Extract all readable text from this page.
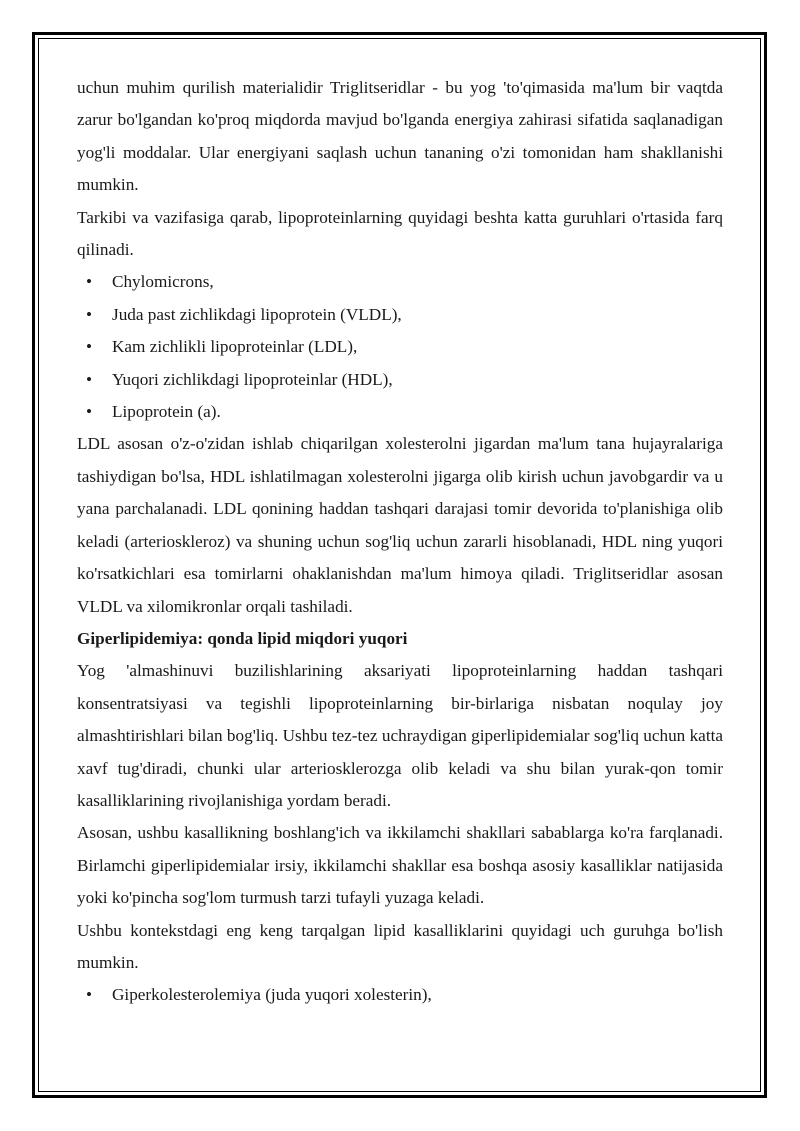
uchun muhim qurilish materialidir Triglitseridlar - bu yog 'to'qimasida ma'lum bir vaqtda zarur bo'lgandan ko'proq miqdorda mavjud bo'lganda energiya zahirasi sifatida saqlanadigan yog'li moddalar. Ular energiyani saqlash uchun tananing o'zi tomonidan ham shakllanishi mumkin.

Tarkibi va vazifasiga qarab, lipoproteinlarning quyidagi beshta katta guruhlari o'rtasida farq qilinadi.

• Chylomicrons,
• Juda past zichlikdagi lipoprotein (VLDL),
• Kam zichlikli lipoproteinlar (LDL),
• Yuqori zichlikdagi lipoproteinlar (HDL),
• Lipoprotein (a).

LDL asosan o'z-o'zidan ishlab chiqarilgan xolesterolni jigardan ma'lum tana hujayralariga tashiydigan bo'lsa, HDL ishlatilmagan xolesterolni jigarga olib kirish uchun javobgardir va u yana parchalanadi. LDL qonining haddan tashqari darajasi tomir devorida to'planishiga olib keladi (arterioskleroz) va shuning uchun sog'liq uchun zararli hisoblanadi, HDL ning yuqori ko'rsatkichlari esa tomirlarni ohaklanishdan ma'lum himoya qiladi. Triglitseridlar asosan VLDL va xilomikronlar orqali tashiladi.

Giperlipidemiya: qonda lipid miqdori yuqori

Yog 'almashinuvi buzilishlarining aksariyati lipoproteinlarning haddan tashqari konsentratsiyasi va tegishli lipoproteinlarning bir-birlariga nisbatan noqulay joy almashtirishlari bilan bog'liq. Ushbu tez-tez uchraydigan giperlipidemialar sog'liq uchun katta xavf tug'diradi, chunki ular arteriosklerozga olib keladi va shu bilan yurak-qon tomir kasalliklarining rivojlanishiga yordam beradi.

Asosan, ushbu kasallikning boshlang'ich va ikkilamchi shakllari sabablarga ko'ra farqlanadi. Birlamchi giperlipidemialar irsiy, ikkilamchi shakllar esa boshqa asosiy kasalliklar natijasida yoki ko'pincha sog'lom turmush tarzi tufayli yuzaga keladi.

Ushbu kontekstdagi eng keng tarqalgan lipid kasalliklarini quyidagi uch guruhga bo'lish mumkin.

• Giperkolesterolemiya (juda yuqori xolesterin),
